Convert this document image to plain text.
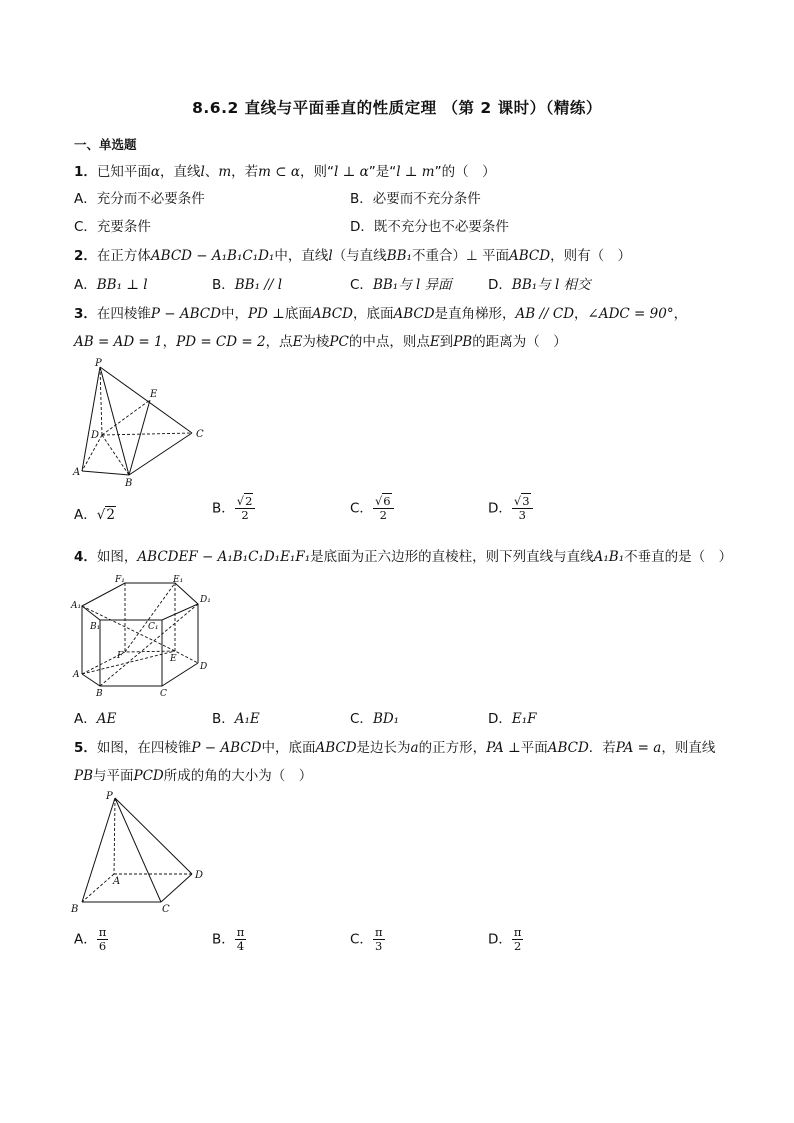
8.6.2 直线与平面垂直的性质定理 （第 2 课时）（精练）
一、单选题
1．已知平面α，直线l、m，若m ⊂ α，则“l ⊥ α”是“l ⊥ m”的（　）
A．充分而不必要条件	B．必要而不充分条件
C．充要条件	D．既不充分也不必要条件
2．在正方体ABCD − A₁B₁C₁D₁中，直线l（与直线BB₁不重合）⊥ 平面ABCD，则有（　）
A．BB₁ ⊥ l	B．BB₁ // l	C．BB₁与 l 异面	D．BB₁与 l 相交
3．在四棱锥P − ABCD中，PD ⊥底面ABCD，底面ABCD是直角梯形，AB // CD，∠ADC = 90°，
AB = AD = 1，PD = CD = 2，点E为棱PC的中点，则点E到PB的距离为（　）
P
E
D	C
A
B
A．√2	B． $\frac{√2}{2}$	C． $\frac{√6}{2}$	D． $\frac{√3}{3}$
4．如图，ABCDEF − A₁B₁C₁D₁E₁F₁是底面为正六边形的直棱柱，则下列直线与直线A₁B₁不垂直的是（　）
F₁	E₁
A₁
D₁
B₁	C₁
F	E
A
D
B	C
A．AE	B．A₁E	C．BD₁	D．E₁F
5．如图，在四棱锥P − ABCD中，底面ABCD是边长为a的正方形，PA ⊥平面ABCD．若PA = a，则直线
PB与平面PCD所成的角的大小为（　）
P
A
D
B	C
A． $\frac{\pi}{6}$	B． $\frac{\pi}{4}$	C． $\frac{\pi}{3}$	D． $\frac{\pi}{2}$
